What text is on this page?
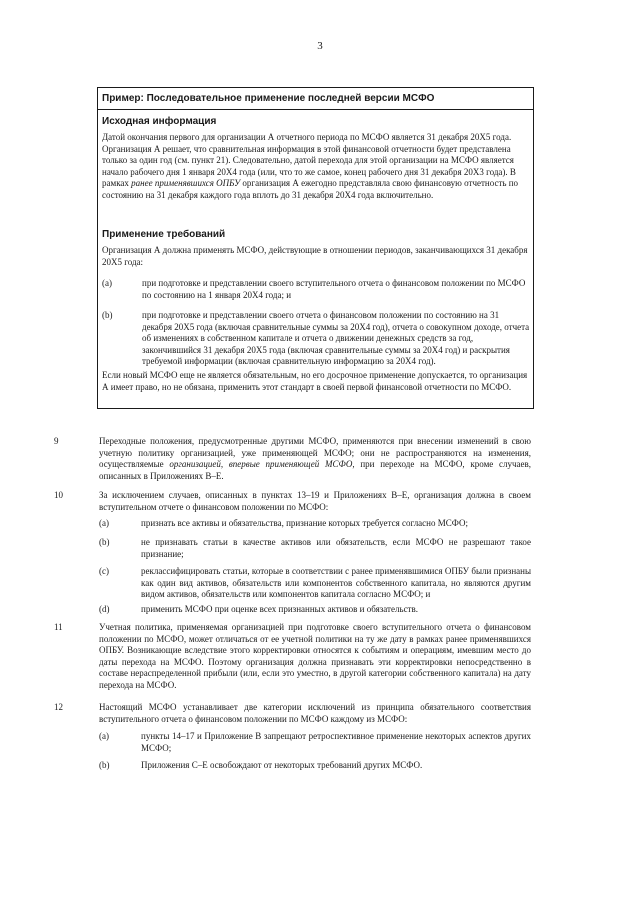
3
Пример: Последовательное применение последней версии МСФО
Исходная информация
Датой окончания первого для организации А отчетного периода по МСФО является 31 декабря 20X5 года. Организация А решает, что сравнительная информация в этой финансовой отчетности будет представлена только за один год (см. пункт 21). Следовательно, датой перехода для этой организации на МСФО является начало рабочего дня 1 января 20X4 года (или, что то же самое, конец рабочего дня 31 декабря 20X3 года). В рамках ранее применявшихся ОПБУ организация А ежегодно представляла свою финансовую отчетность по состоянию на 31 декабря каждого года вплоть до 31 декабря 20X4 года включительно.
Применение требований
Организация А должна применять МСФО, действующие в отношении периодов, заканчивающихся 31 декабря 20X5 года:
(а)	при подготовке и представлении своего вступительного отчета о финансовом положении по МСФО по состоянию на 1 января 20X4 года; и
(b)	при подготовке и представлении своего отчета о финансовом положении по состоянию на 31 декабря 20X5 года (включая сравнительные суммы за 20X4 год), отчета о совокупном доходе, отчета об изменениях в собственном капитале и отчета о движении денежных средств за год, закончившийся 31 декабря 20X5 года (включая сравнительные суммы за 20X4 год) и раскрытия требуемой информации (включая сравнительную информацию за 20X4 год).
Если новый МСФО еще не является обязательным, но его досрочное применение допускается, то организация А имеет право, но не обязана, применить этот стандарт в своей первой финансовой отчетности по МСФО.
9	Переходные положения, предусмотренные другими МСФО, применяются при внесении изменений в свою учетную политику организацией, уже применяющей МСФО; они не распространяются на изменения, осуществляемые организацией, впервые применяющей МСФО, при переходе на МСФО, кроме случаев, описанных в Приложениях В–Е.
10	За исключением случаев, описанных в пунктах 13–19 и Приложениях В–Е, организация должна в своем вступительном отчете о финансовом положении по МСФО:
(а)	признать все активы и обязательства, признание которых требуется согласно МСФО;
(b)	не признавать статьи в качестве активов или обязательств, если МСФО не разрешают такое признание;
(c)	реклассифицировать статьи, которые в соответствии с ранее применявшимися ОПБУ были признаны как один вид активов, обязательств или компонентов собственного капитала, но являются другим видом активов, обязательств или компонентов капитала согласно МСФО; и
(d)	применить МСФО при оценке всех признанных активов и обязательств.
11	Учетная политика, применяемая организацией при подготовке своего вступительного отчета о финансовом положении по МСФО, может отличаться от ее учетной политики на ту же дату в рамках ранее применявшихся ОПБУ. Возникающие вследствие этого корректировки относятся к событиям и операциям, имевшим место до даты перехода на МСФО. Поэтому организация должна признавать эти корректировки непосредственно в составе нераспределенной прибыли (или, если это уместно, в другой категории собственного капитала) на дату перехода на МСФО.
12	Настоящий МСФО устанавливает две категории исключений из принципа обязательного соответствия вступительного отчета о финансовом положении по МСФО каждому из МСФО:
(а)	пункты 14–17 и Приложение В запрещают ретроспективное применение некоторых аспектов других МСФО;
(b)	Приложения С–Е освобождают от некоторых требований других МСФО.
